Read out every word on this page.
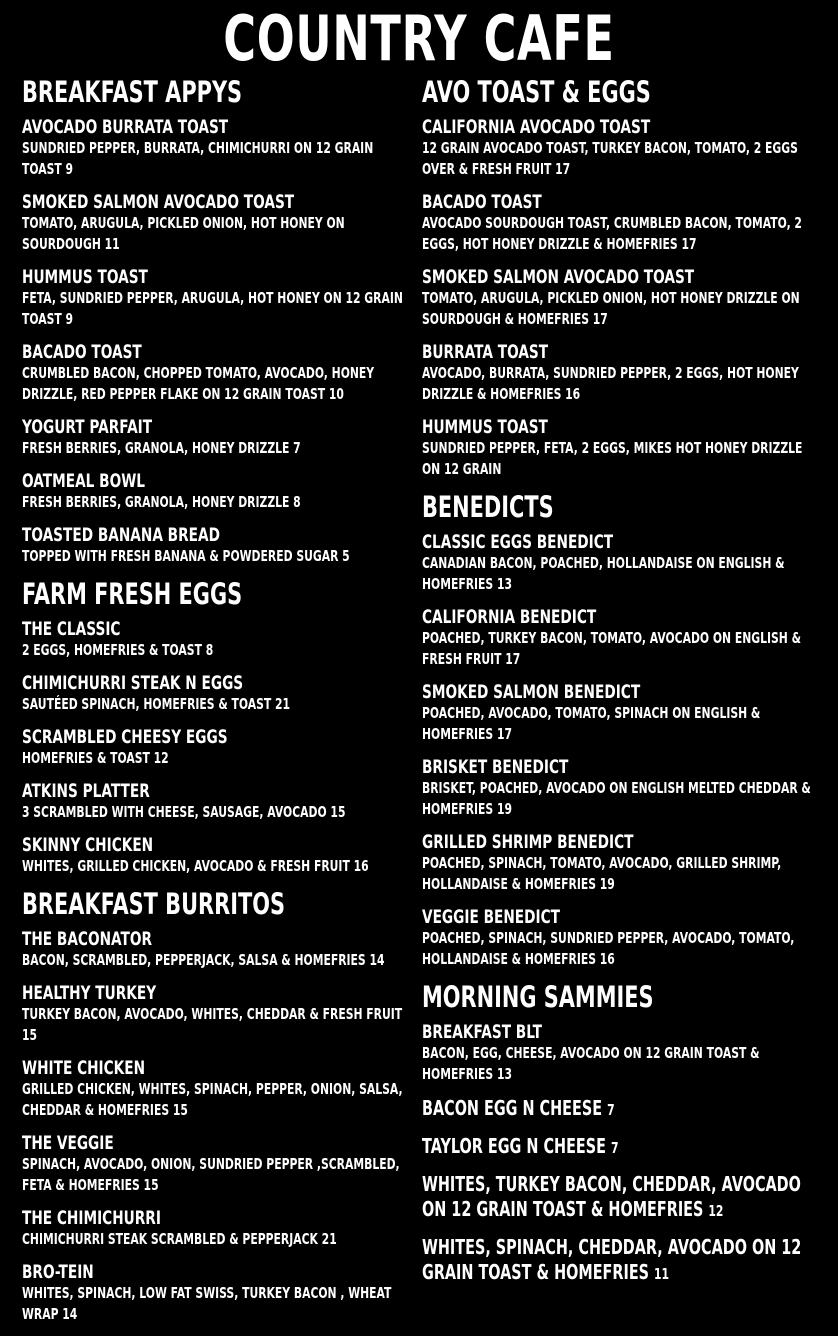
COUNTRY CAFE
BREAKFAST APPYS
AVOCADO BURRATA TOAST
SUNDRIED PEPPER, BURRATA, CHIMICHURRI ON 12 GRAIN TOAST 9
SMOKED SALMON AVOCADO TOAST
TOMATO, ARUGULA, PICKLED ONION, HOT HONEY ON SOURDOUGH 11
HUMMUS TOAST
FETA, SUNDRIED PEPPER, ARUGULA, HOT HONEY ON 12 GRAIN TOAST 9
BACADO TOAST
CRUMBLED BACON, CHOPPED TOMATO, AVOCADO, HONEY DRIZZLE, RED PEPPER FLAKE ON 12 GRAIN TOAST 10
YOGURT PARFAIT
FRESH BERRIES, GRANOLA, HONEY DRIZZLE 7
OATMEAL BOWL
FRESH BERRIES, GRANOLA, HONEY DRIZZLE 8
TOASTED BANANA BREAD
TOPPED WITH FRESH BANANA & POWDERED SUGAR 5
FARM FRESH EGGS
THE CLASSIC
2 EGGS, HOMEFRIES & TOAST 8
CHIMICHURRI STEAK N EGGS
SAUTÉED SPINACH, HOMEFRIES & TOAST 21
SCRAMBLED CHEESY EGGS
HOMEFRIES & TOAST 12
ATKINS PLATTER
3 SCRAMBLED WITH CHEESE, SAUSAGE, AVOCADO 15
SKINNY CHICKEN
WHITES, GRILLED CHICKEN, AVOCADO & FRESH FRUIT 16
BREAKFAST BURRITOS
THE BACONATOR
BACON, SCRAMBLED, PEPPERJACK, SALSA & HOMEFRIES 14
HEALTHY TURKEY
TURKEY BACON, AVOCADO, WHITES, CHEDDAR & FRESH FRUIT 15
WHITE CHICKEN
GRILLED CHICKEN, WHITES, SPINACH, PEPPER, ONION, SALSA, CHEDDAR & HOMEFRIES 15
THE VEGGIE
SPINACH, AVOCADO, ONION, SUNDRIED PEPPER ,SCRAMBLED, FETA & HOMEFRIES 15
THE CHIMICHURRI
CHIMICHURRI STEAK SCRAMBLED & PEPPERJACK 21
BRO-TEIN
WHITES, SPINACH, LOW FAT SWISS, TURKEY BACON , WHEAT WRAP 14
AVO TOAST & EGGS
CALIFORNIA AVOCADO TOAST
12 GRAIN AVOCADO TOAST, TURKEY BACON, TOMATO, 2 EGGS OVER & FRESH FRUIT 17
BACADO TOAST
AVOCADO SOURDOUGH TOAST, CRUMBLED BACON, TOMATO, 2 EGGS, HOT HONEY DRIZZLE & HOMEFRIES 17
SMOKED SALMON AVOCADO TOAST
TOMATO, ARUGULA, PICKLED ONION, HOT HONEY DRIZZLE ON SOURDOUGH & HOMEFRIES 17
BURRATA TOAST
AVOCADO, BURRATA, SUNDRIED PEPPER, 2 EGGS, HOT HONEY DRIZZLE & HOMEFRIES 16
HUMMUS TOAST
SUNDRIED PEPPER, FETA, 2 EGGS, MIKES HOT HONEY DRIZZLE ON 12 GRAIN
BENEDICTS
CLASSIC EGGS BENEDICT
CANADIAN BACON, POACHED, HOLLANDAISE ON ENGLISH & HOMEFRIES 13
CALIFORNIA BENEDICT
POACHED, TURKEY BACON, TOMATO, AVOCADO ON ENGLISH & FRESH FRUIT 17
SMOKED SALMON BENEDICT
POACHED, AVOCADO, TOMATO, SPINACH ON ENGLISH & HOMEFRIES 17
BRISKET BENEDICT
BRISKET, POACHED, AVOCADO ON ENGLISH MELTED CHEDDAR & HOMEFRIES 19
GRILLED SHRIMP BENEDICT
POACHED, SPINACH, TOMATO, AVOCADO, GRILLED SHRIMP, HOLLANDAISE & HOMEFRIES 19
VEGGIE BENEDICT
POACHED, SPINACH, SUNDRIED PEPPER, AVOCADO, TOMATO, HOLLANDAISE & HOMEFRIES 16
MORNING SAMMIES
BREAKFAST BLT
BACON, EGG, CHEESE, AVOCADO ON 12 GRAIN TOAST & HOMEFRIES 13
BACON EGG N CHEESE 7
TAYLOR EGG N CHEESE 7
WHITES, TURKEY BACON, CHEDDAR, AVOCADO ON 12 GRAIN TOAST & HOMEFRIES 12
WHITES, SPINACH, CHEDDAR, AVOCADO ON 12 GRAIN TOAST & HOMEFRIES 11
